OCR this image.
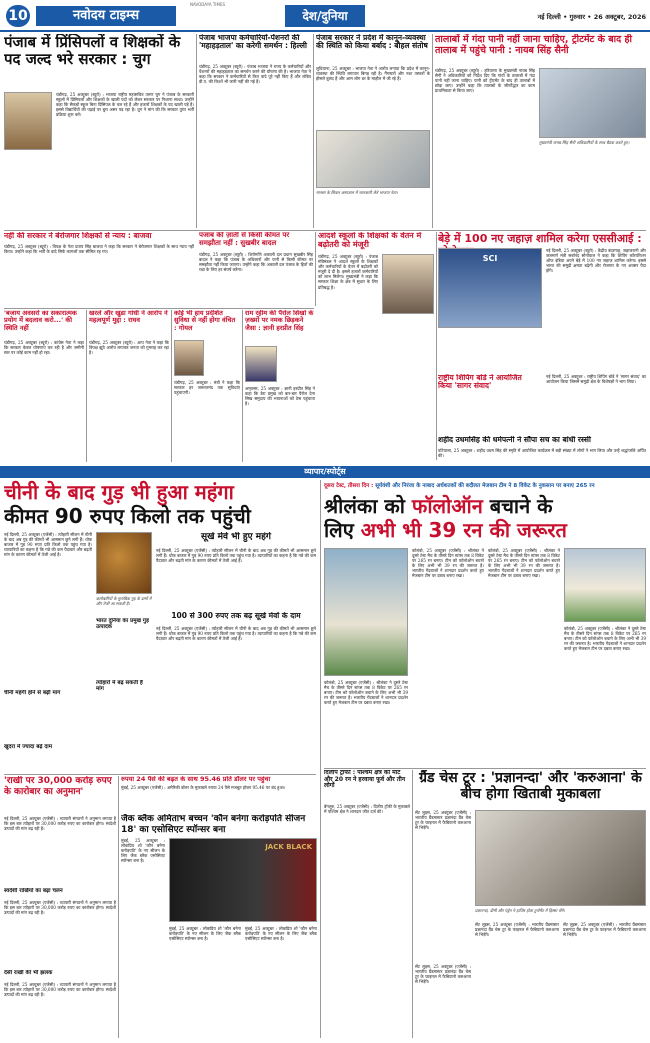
10	नवोदय टाइम्स
NAVODAYA TIMES
देश/दुनिया	नई दिल्ली • गुरुवार • 26 अक्टूबर, 2026
पंजाब में प्रिंसिपलों व शिक्षकों के पद जल्द भरे सरकार : चुग
चंडीगढ़, 25 अक्टूबर (ब्यूरो) : भाजपा राष्ट्रीय महासचिव तरुण चुग ने पंजाब के सरकारी स्कूलों में प्रिंसिपलों और शिक्षकों के खाली पदों को लेकर सरकार पर निशाना साधा। उन्होंने कहा कि सैकड़ों स्कूल बिना प्रिंसिपल के चल रहे हैं और हजारों शिक्षकों के पद खाली पड़े हैं। इससे विद्यार्थियों की पढ़ाई पर बुरा असर पड़ रहा है। चुग ने मांग की कि सरकार तुरंत भर्ती प्रक्रिया शुरू करे।
पंजाब भाजपा कर्मचारियों-पेंशनरों की 'महाहड़ताल' का करेगी समर्थन : हिल्ली
चंडीगढ़, 25 अक्टूबर (ब्यूरो) : पंजाब भाजपा ने राज्य के कर्मचारियों और पेंशनरों की महाहड़ताल का समर्थन करने की घोषणा की है। भाजपा नेता ने कहा कि सरकार ने कर्मचारियों से किए वादे पूरे नहीं किए हैं और लंबित डी.ए. की किश्तें भी जारी नहीं की गई हैं।
पंजाब सरकार ने प्रदेश में कानून-व्यवस्था की स्थिति को किया बर्बाद : बौहल संतोष
लुधियाना, 25 अक्टूबर : भाजपा नेता ने आरोप लगाया कि प्रदेश में कानून-व्यवस्था की स्थिति लगातार बिगड़ रही है। गैंगस्टरों और नशा तस्करों के हौसले बुलंद हैं और आम लोग डर के माहौल में जी रहे हैं।
मानसा के सिवल अस्पताल में जानकारी लेते भाजपा नेता।
तालाबों में गंदा पानी नहीं जाना चाहिए, ट्रीटमेंट के बाद ही तालाब में पहुंचे पानी : नायब सिंह सैनी
चंडीगढ़, 25 अक्टूबर (ब्यूरो) : हरियाणा के मुख्यमंत्री नायब सिंह सैनी ने अधिकारियों को निर्देश दिए कि गांवों के तालाबों में गंदा पानी नहीं जाना चाहिए। पानी को ट्रीटमेंट के बाद ही तालाबों में छोड़ा जाए। उन्होंने कहा कि तालाबों के जीर्णोद्धार का काम प्राथमिकता से किया जाए।
मुख्यमंत्री नायब सिंह सैनी अधिकारियों के साथ बैठक करते हुए।
नहीं की सरकार ने बेरोजगार शिक्षकों से न्याय : बाजवा
चंडीगढ़, 25 अक्टूबर (ब्यूरो) : विपक्ष के नेता प्रताप सिंह बाजवा ने कहा कि सरकार ने बेरोजगार शिक्षकों के साथ न्याय नहीं किया। उन्होंने कहा कि भर्ती के वादे सिर्फ कागजों तक सीमित रह गए।
पंजाब की ज़ाती से किसी कीमत पर समझौता नहीं : सुखबीर बादल
चंडीगढ़, 25 अक्टूबर (ब्यूरो) : शिरोमणि अकाली दल प्रधान सुखबीर सिंह बादल ने कहा कि पंजाब के अधिकारों और पानी से किसी कीमत पर समझौता नहीं किया जाएगा। उन्होंने कहा कि अकाली दल पंजाब के हितों की रक्षा के लिए हर संघर्ष करेगा।
आदर्श स्कूलों के शिक्षकों के वेतन में बढ़ोतरी को मंजूरी
चंडीगढ़, 25 अक्टूबर (ब्यूरो) : पंजाब मंत्रिमंडल ने आदर्श स्कूलों के शिक्षकों और कर्मचारियों के वेतन में बढ़ोतरी को मंजूरी दे दी है। इससे हजारों कर्मचारियों को लाभ मिलेगा। मुख्यमंत्री ने कहा कि सरकार शिक्षा के क्षेत्र में सुधार के लिए प्रतिबद्ध है।
बेड़े में 100 नए जहाज़ शामिल करेगा एससीआई :
SCI
नई दिल्ली, 25 अक्टूबर (ब्यूरो) : केंद्रीय बंदरगाह, जहाजरानी और जलमार्ग मंत्री सर्बानंद सोनोवाल ने कहा कि शिपिंग कॉरपोरेशन ऑफ इंडिया अपने बेड़े में 100 नए जहाज़ शामिल करेगा। इससे भारत की समुद्री क्षमता बढ़ेगी और रोजगार के नए अवसर पैदा होंगे।
राष्ट्रीय शिपिंग बोर्ड ने आयोजित किया 'सागर संवाद'
नई दिल्ली, 25 अक्टूबर : राष्ट्रीय शिपिंग बोर्ड ने 'सागर संवाद' का आयोजन किया जिसमें समुद्री क्षेत्र के विशेषज्ञों ने भाग लिया।
शहीद उधमसिंह की धर्मपत्नी ने सौंपा सच का बांधी रस्सी
पटियाला, 25 अक्टूबर : शहीद उधम सिंह की स्मृति में आयोजित कार्यक्रम में बड़ी संख्या में लोगों ने भाग लिया और उन्हें श्रद्धांजलि अर्पित की।
'बजाय अवसरों का सकारात्मक प्रयोग में बदलाव करो...' की स्थिति नहीं
चंडीगढ़, 25 अक्टूबर (ब्यूरो) : कांग्रेस नेता ने कहा कि सरकार केवल घोषणाएं कर रही है और जमीनी स्तर पर कोई काम नहीं हो रहा।
खरले और खुडा गांधी ने आरोप ने महत्वपूर्ण मुद्दा : राघव
चंडीगढ़, 25 अक्टूबर (ब्यूरो) : आप नेता ने कहा कि विपक्ष झूठे आरोप लगाकर जनता को गुमराह कर रहा है।
कोई भी हाय प्रदेशित सुविधा से नहीं होगा वंचित : गोयल
चंडीगढ़, 25 अक्टूबर : मंत्री ने कहा कि सरकार हर जरूरतमंद तक सुविधाएं पहुंचाएगी।
राम रहीम की पैरोल सिखों के ज़ख्मों पर नमक छिड़कने जैसा : ज्ञानी हरप्रीत सिंह
अमृतसर, 25 अक्टूबर : ज्ञानी हरप्रीत सिंह ने कहा कि डेरा प्रमुख को बार-बार पैरोल देना सिख समुदाय की भावनाओं को ठेस पहुंचाता है।
व्यापार/स्पोर्ट्स
चीनी के बाद गुड़ भी हुआ महंगा
कीमत 90 रुपए किलो तक पहुंची
नई दिल्ली, 25 अक्टूबर (एजेंसी) : त्योहारी सीजन में चीनी के बाद अब गुड़ की कीमतें भी आसमान छूने लगी हैं। थोक बाजार में गुड़ 90 रुपए प्रति किलो तक पहुंच गया है। व्यापारियों का कहना है कि गन्ने की कम पैदावार और बढ़ती मांग के कारण कीमतों में तेजी आई है।
कारोबारियों के मुताबिक गुड़ के दामों में और तेजी आ सकती है।
सूखे मेवे भी हुए महंगे
नई दिल्ली, 25 अक्टूबर (एजेंसी) : त्योहारी सीजन में चीनी के बाद अब गुड़ की कीमतें भी आसमान छूने लगी हैं। थोक बाजार में गुड़ 90 रुपए प्रति किलो तक पहुंच गया है। व्यापारियों का कहना है कि गन्ने की कम पैदावार और बढ़ती मांग के कारण कीमतों में तेजी आई है।
भारत दुनिया का प्रमुख गुड़ उत्पादक
त्योहारों में बढ़ सकती है मांग
100 से 300 रुपए तक बढ़ सूखे मेवों के दाम
नई दिल्ली, 25 अक्टूबर (एजेंसी) : त्योहारी सीजन में चीनी के बाद अब गुड़ की कीमतें भी आसमान छूने लगी हैं। थोक बाजार में गुड़ 90 रुपए प्रति किलो तक पहुंच गया है। व्यापारियों का कहना है कि गन्ने की कम पैदावार और बढ़ती मांग के कारण कीमतों में तेजी आई है।
चीनी महंगी होने से बढ़ी मांग
खुदरा में ज्यादा बढ़े दाम
'राखी पर 30,000 करोड़ रुपए के कारोबार का अनुमान'
नई दिल्ली, 25 अक्टूबर (एजेंसी) : व्यापारी संगठनों ने अनुमान लगाया है कि इस बार त्योहारों पर 30,000 करोड़ रुपए का कारोबार होगा। स्वदेशी उत्पादों की मांग बढ़ रही है।
स्वदेशी राखियों का बढ़ा चलन
नई दिल्ली, 25 अक्टूबर (एजेंसी) : व्यापारी संगठनों ने अनुमान लगाया है कि इस बार त्योहारों पर 30,000 करोड़ रुपए का कारोबार होगा। स्वदेशी उत्पादों की मांग बढ़ रही है।
देसी राखी की भी झलक
नई दिल्ली, 25 अक्टूबर (एजेंसी) : व्यापारी संगठनों ने अनुमान लगाया है कि इस बार त्योहारों पर 30,000 करोड़ रुपए का कारोबार होगा। स्वदेशी उत्पादों की मांग बढ़ रही है।
रुपया 24 पैसे की बढ़त के साथ 95.46 प्रति डॉलर पर पहुंचा
मुंबई, 25 अक्टूबर (एजेंसी) : अमेरिकी डॉलर के मुकाबले रुपया 24 पैसे मजबूत होकर 95.46 पर बंद हुआ।
जैक ब्लैक अमिताभ बच्चन 'कौन बनेगा करोड़पति सीजन 18' का एसोसिएट स्पॉन्सर बना
मुंबई, 25 अक्टूबर : लोकप्रिय शो 'कौन बनेगा करोड़पति' के नए सीजन के लिए जैक ब्लैक एसोसिएट स्पॉन्सर बना है।
JACK BLACK
मुंबई, 25 अक्टूबर : लोकप्रिय शो 'कौन बनेगा करोड़पति' के नए सीजन के लिए जैक ब्लैक एसोसिएट स्पॉन्सर बना है।
मुंबई, 25 अक्टूबर : लोकप्रिय शो 'कौन बनेगा करोड़पति' के नए सीजन के लिए जैक ब्लैक एसोसिएट स्पॉन्सर बना है।
दूसरा टेस्ट, तीसरा दिन : सूर्यवंशी और निरंजा के नाबाद अर्धशतकों की बदौलत मेजबान टीम ने 8 विकेट के नुकसान पर बनाए 265 रन
श्रीलंका को फॉलोऑन बचाने के
लिए अभी भी 39 रन की जरूरत
कोलंबो, 25 अक्टूबर (एजेंसी) : श्रीलंका ने दूसरे टेस्ट मैच के तीसरे दिन स्टंप्स तक 8 विकेट पर 265 रन बनाए। टीम को फॉलोऑन बचाने के लिए अभी भी 39 रन की जरूरत है। भारतीय गेंदबाजों ने शानदार प्रदर्शन करते हुए मेजबान टीम पर दबाव बनाए रखा।
कोलंबो, 25 अक्टूबर (एजेंसी) : श्रीलंका ने दूसरे टेस्ट मैच के तीसरे दिन स्टंप्स तक 8 विकेट पर 265 रन बनाए। टीम को फॉलोऑन बचाने के लिए अभी भी 39 रन की जरूरत है। भारतीय गेंदबाजों ने शानदार प्रदर्शन करते हुए मेजबान टीम पर दबाव बनाए रखा।
कोलंबो, 25 अक्टूबर (एजेंसी) : श्रीलंका ने दूसरे टेस्ट मैच के तीसरे दिन स्टंप्स तक 8 विकेट पर 265 रन बनाए। टीम को फॉलोऑन बचाने के लिए अभी भी 39 रन की जरूरत है। भारतीय गेंदबाजों ने शानदार प्रदर्शन करते हुए मेजबान टीम पर दबाव बनाए रखा।
कोलंबो, 25 अक्टूबर (एजेंसी) : श्रीलंका ने दूसरे टेस्ट मैच के तीसरे दिन स्टंप्स तक 8 विकेट पर 265 रन बनाए। टीम को फॉलोऑन बचाने के लिए अभी भी 39 रन की जरूरत है। भारतीय गेंदबाजों ने शानदार प्रदर्शन करते हुए मेजबान टीम पर दबाव बनाए रखा।
दिलीप ट्रॉफी : पश्चिम क्षेत्र को मार्ट और 20 रन ने हरवाया फूर्व और तीन लोगों
बेंगलुरु, 25 अक्टूबर (एजेंसी) : दिलीप ट्रॉफी के मुकाबले में पश्चिम क्षेत्र ने शानदार जीत दर्ज की।
ग्रैंड चेस टूर : 'प्रज्ञानन्दा' और 'करुआना' के बीच होगा खिताबी मुकाबला
सेंट लुइस, 25 अक्टूबर (एजेंसी) : भारतीय ग्रैंडमास्टर प्रज्ञानंदा ग्रैंड चेस टूर के फाइनल में फैबियानो करुआना से भिड़ेंगे।
प्रज्ञानन्दा, डीमी और एंड्रेन ने हाजिर होता टूर्नामेंट में हिस्सा लेंगे।
सेंट लुइस, 25 अक्टूबर (एजेंसी) : भारतीय ग्रैंडमास्टर प्रज्ञानंदा ग्रैंड चेस टूर के फाइनल में फैबियानो करुआना से भिड़ेंगे।
सेंट लुइस, 25 अक्टूबर (एजेंसी) : भारतीय ग्रैंडमास्टर प्रज्ञानंदा ग्रैंड चेस टूर के फाइनल में फैबियानो करुआना से भिड़ेंगे।
सेंट लुइस, 25 अक्टूबर (एजेंसी) : भारतीय ग्रैंडमास्टर प्रज्ञानंदा ग्रैंड चेस टूर के फाइनल में फैबियानो करुआना से भिड़ेंगे।
